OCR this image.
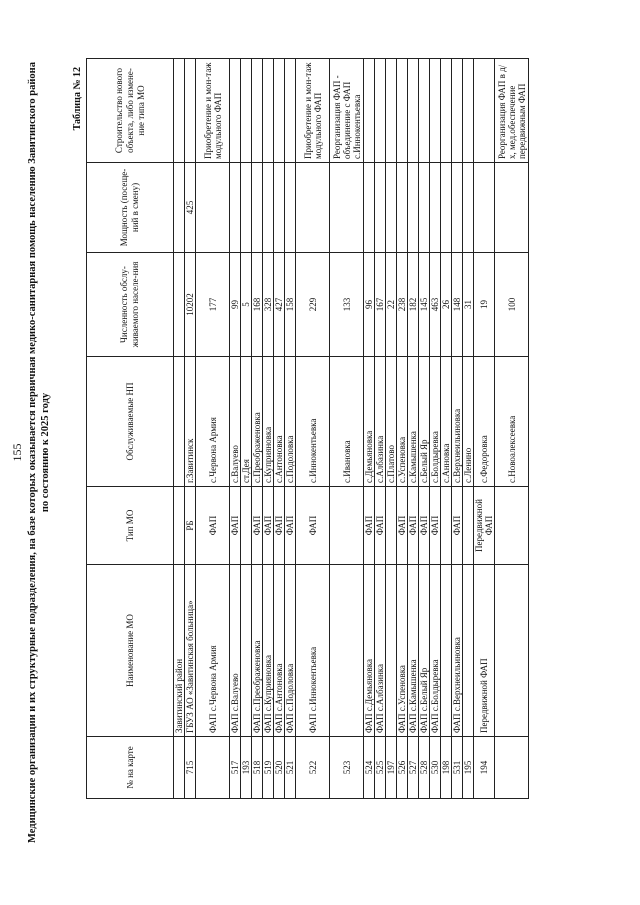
155 Медицинские организации и их структурные подразделения, на базе которых оказывается первичная медико-санитарная помощь населению Завитинского района по состоянию к 2025 году
Таблица № 12
№ на карте	Наименование МО	Тип МО	Обслуживаемые НП	Численность обслу-живаемого населе-ния	Мощность (посеще-ний в смену)	Строительство нового объекта, либо измене-ние типа МО
	Завитинский район					
715	ГБУЗ АО «Завитинская больница»	РБ	г.Завитинск	10202	425	
	ФАП с.Червона Армия	ФАП	с.Червона Армия	177		Приобретение и мон-таж модульного ФАП
517	ФАП с.Валуево	ФАП	с.Валуево	99		
193			ст.Дея	5		
518	ФАП с.Преображеновка	ФАП	с.Преображеновка	168		
519	ФАП с.Куприяновка	ФАП	с.Куприяновка	328		
520	ФАП с.Антоновка	ФАП	с.Антоновка	427		
521	ФАП с.Подоловка	ФАП	с.Подоловка	158		
522	ФАП с.Иннокентьевка	ФАП	с.Иннокентьевка	229		Приобретение и мон-таж модульного ФАП
523			с.Ивановка	133		Реорганизация ФАП - объединение с ФАП с.Иннокентьевка
524	ФАП с.Демьяновка	ФАП	с.Демьяновка	96		
525	ФАП с.Албазинка	ФАП	с.Албазинка	167		
197			с.Платово	22		
526	ФАП с.Успеновка	ФАП	с.Успеновка	238		
527	ФАП с.Камышенка	ФАП	с.Камышенка	182		
528	ФАП с.Белый Яр	ФАП	с.Белый Яр	145		
530	ФАП с.Болдыревка	ФАП	с.Болдыревка	463		
198			с.Анновка	26		
531	ФАП с.Верхнеильиновка	ФАП	с.Верхнеильиновка	148		
195			с.Ленино	31		
194	Передвижной ФАП	Передвижной ФАП	с.Федоровка	19		
			с.Новоалексеевка	100		Реорганизация ФАП в д/х, мед.обеспечение передвижным ФАП
